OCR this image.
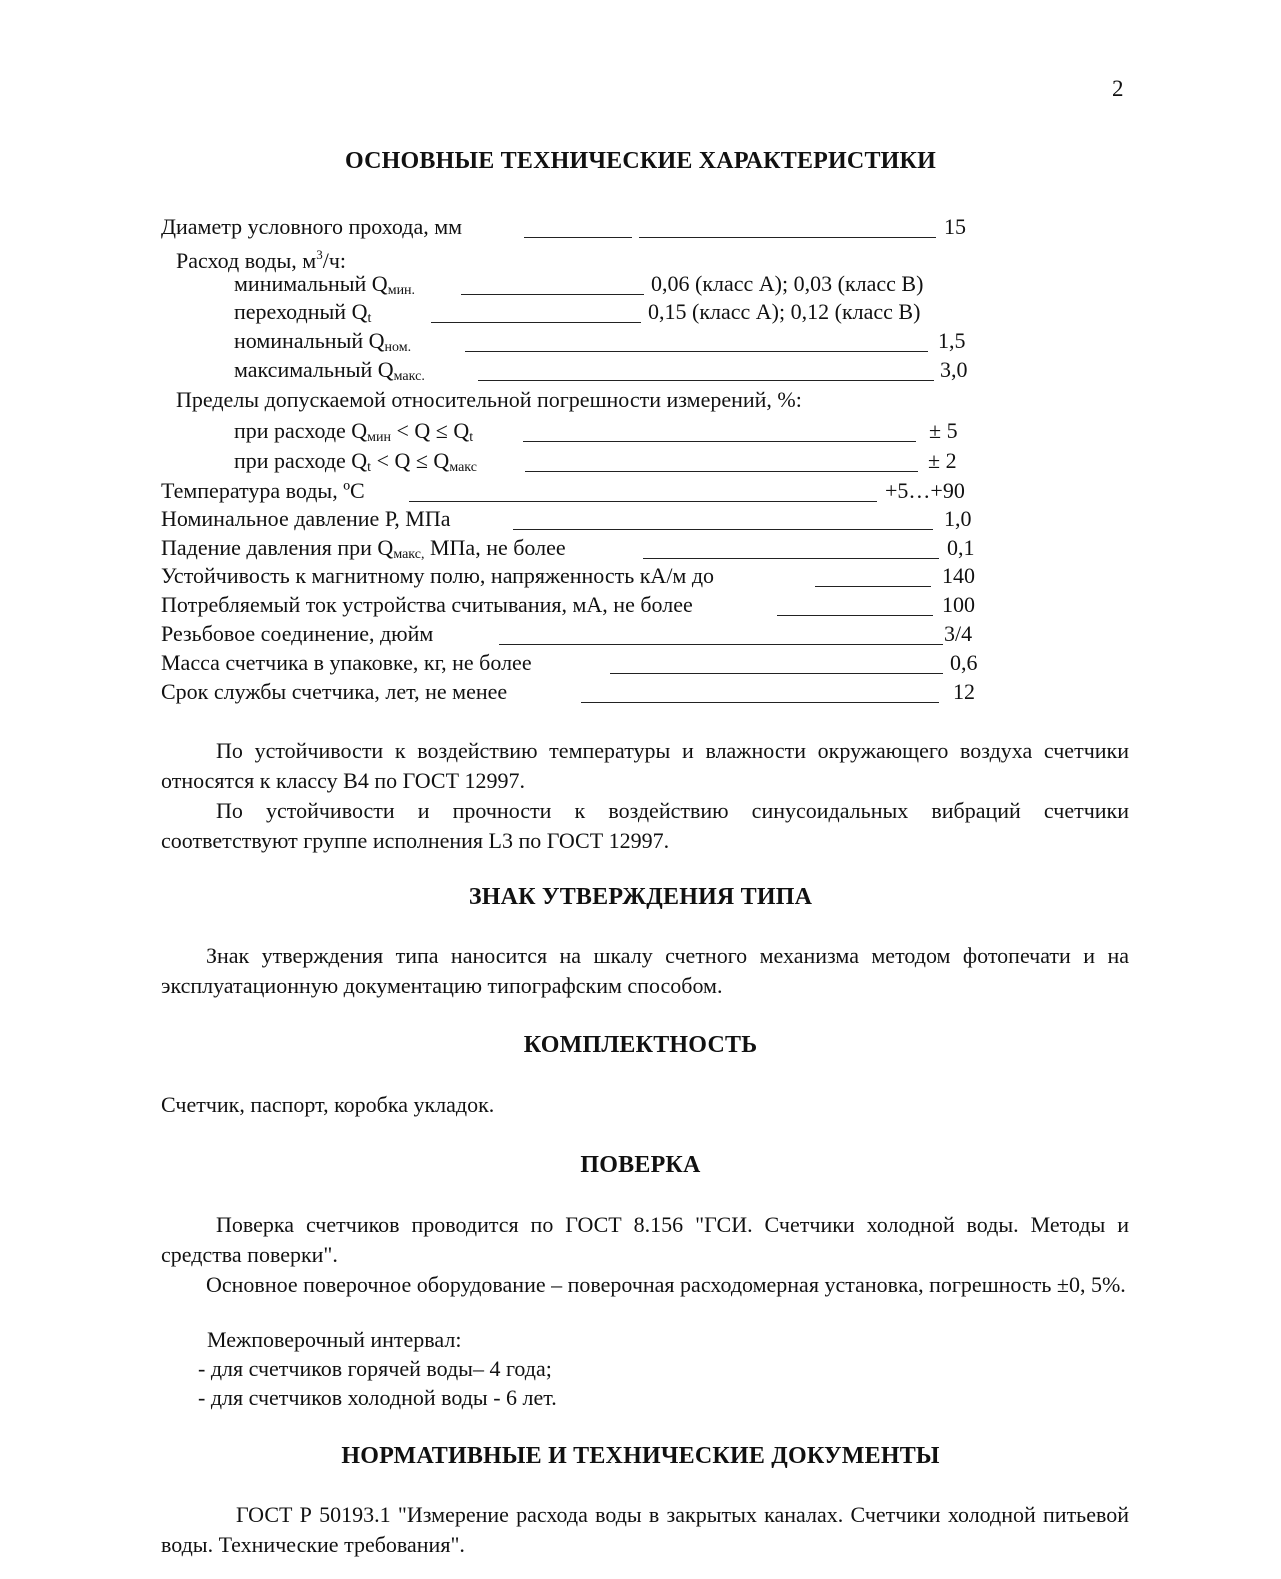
2
ОСНОВНЫЕ ТЕХНИЧЕСКИЕ ХАРАКТЕРИСТИКИ
Диаметр условного прохода, мм	15
Расход воды, $м^3/ч$:
минимальный $Q_{мин.}$	0,06 (класс А); 0,03 (класс В)
переходный $Q_t$	0,15 (класс А); 0,12 (класс В)
номинальный $Q_{ном.}$	1,5
максимальный $Q_{макс.}$	3,0
Пределы допускаемой относительной погрешности измерений, %:
при расходе $Q_{мин} < Q \le Q_t$	± 5
при расходе $Q_t < Q \le Q_{макс}$	± 2
Температура воды, ºС	+5…+90
Номинальное давление Р, МПа	1,0
Падение давления при $Q_{макс,}$ МПа, не более	0,1
Устойчивость к магнитному полю, напряженность кА/м до	140
Потребляемый ток устройства считывания, мА, не более	100
Резьбовое соединение, дюйм	3/4
Масса счетчика в упаковке, кг, не более	0,6
Срок службы счетчика, лет, не менее	12

По устойчивости к воздействию температуры и влажности окружающего воздуха счетчики относятся к классу В4 по ГОСТ 12997.

По устойчивости и прочности к воздействию синусоидальных вибраций счетчики соответствуют группе исполнения L3 по ГОСТ 12997.

ЗНАК УТВЕРЖДЕНИЯ ТИПА

Знак утверждения типа наносится на шкалу счетного механизма методом фотопечати и на эксплуатационную документацию типографским способом.

КОМПЛЕКТНОСТЬ
Счетчик, паспорт, коробка укладок.
ПОВЕРКА

Поверка счетчиков проводится по ГОСТ 8.156 "ГСИ. Счетчики холодной воды. Методы и средства поверки".

Основное поверочное оборудование – поверочная расходомерная установка, погрешность ±0, 5%.

Межповерочный интервал:
- для счетчиков горячей воды– 4 года;
- для счетчиков холодной воды - 6 лет.
НОРМАТИВНЫЕ И ТЕХНИЧЕСКИЕ ДОКУМЕНТЫ

ГОСТ Р 50193.1 "Измерение расхода воды в закрытых каналах. Счетчики холодной питьевой воды. Технические требования".
